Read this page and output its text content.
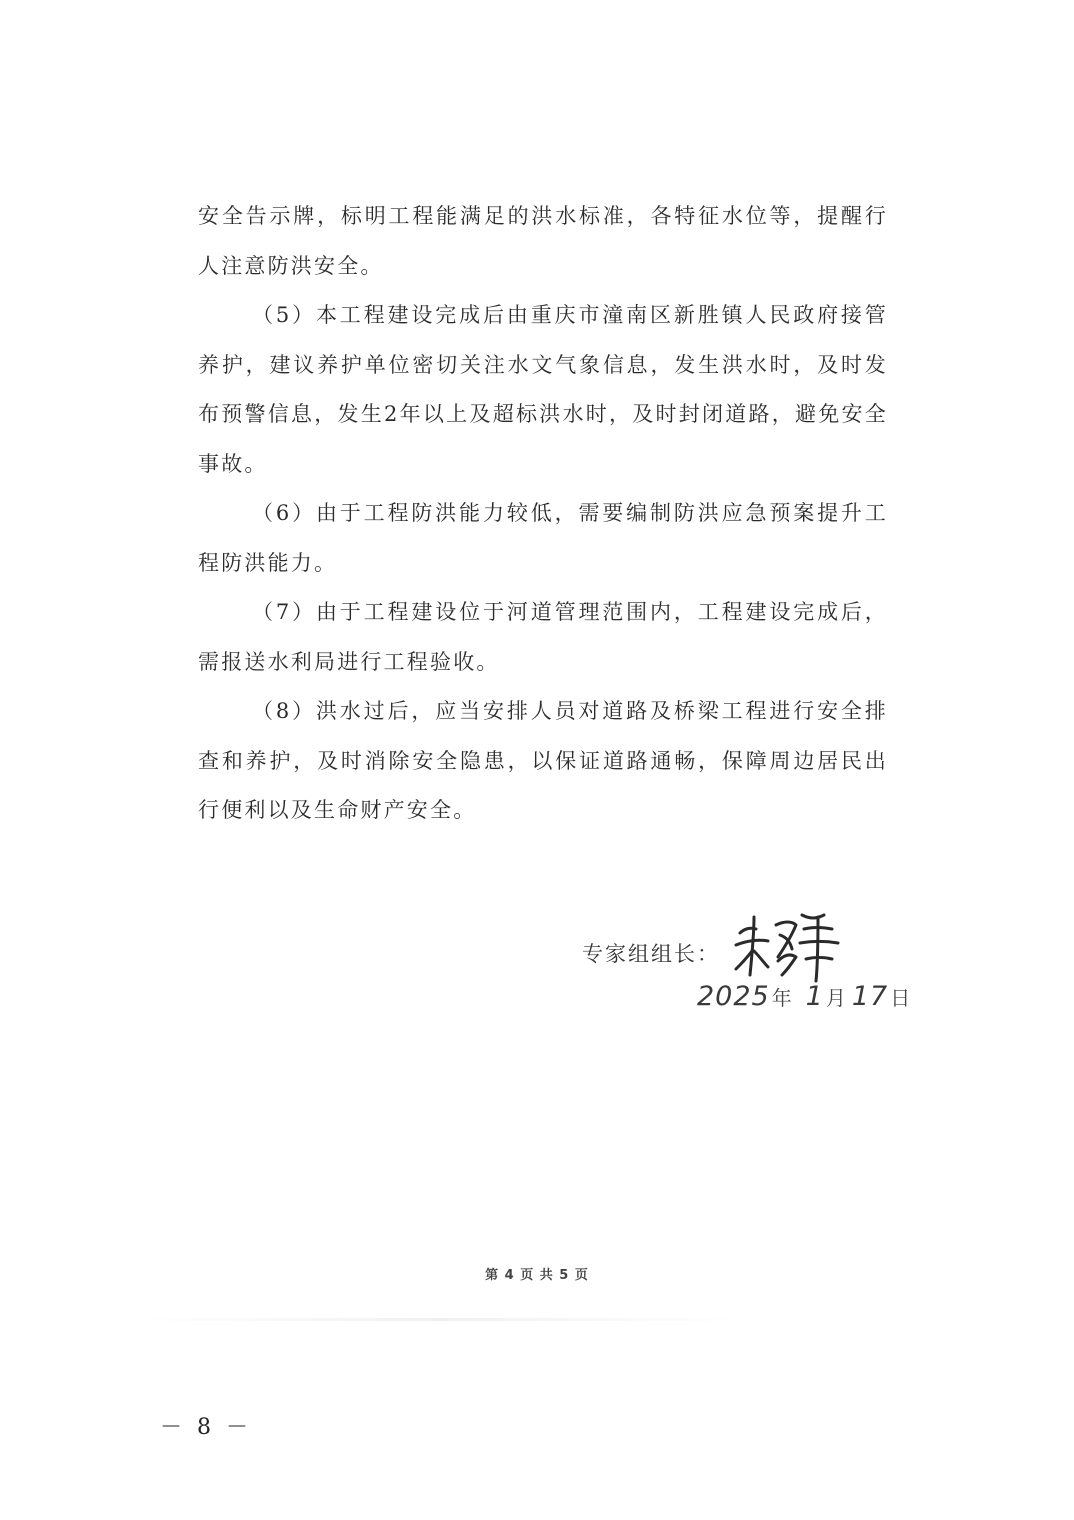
安全告示牌，标明工程能满足的洪水标准，各特征水位等，提醒行人注意防洪安全。

（5）本工程建设完成后由重庆市潼南区新胜镇人民政府接管养护，建议养护单位密切关注水文气象信息，发生洪水时，及时发布预警信息，发生2年以上及超标洪水时，及时封闭道路，避免安全事故。

（6）由于工程防洪能力较低，需要编制防洪应急预案提升工程防洪能力。

（7）由于工程建设位于河道管理范围内，工程建设完成后，需报送水利局进行工程验收。

（8）洪水过后，应当安排人员对道路及桥梁工程进行安全排查和养护，及时消除安全隐患，以保证道路通畅，保障周边居民出行便利以及生命财产安全。

专家组组长：
2025 年 1 月 17 日
第 4 页 共 5 页
－ 8 －
